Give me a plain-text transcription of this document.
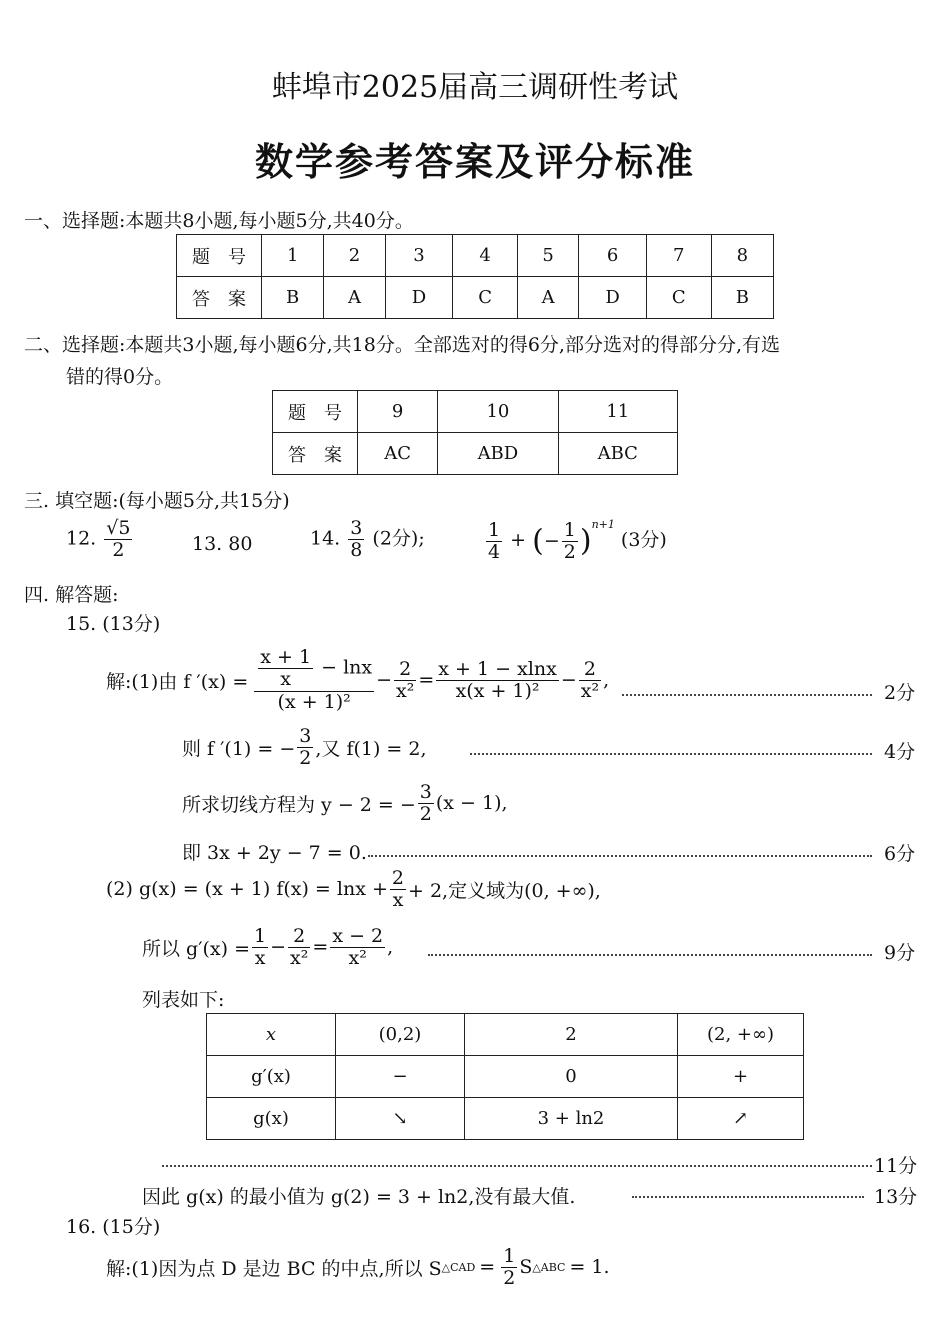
蚌埠市2025届高三调研性考试
数学参考答案及评分标准
一、选择题:本题共8小题,每小题5分,共40分。
题　号	1	2	3	4	5	6	7	8
答　案	B	A	D	C	A	D	C	B
二、选择题:本题共3小题,每小题6分,共18分。全部选对的得6分,部分选对的得部分分,有选
错的得0分。
题　号	9	10	11
答　案	AC	ABD	ABC
三. 填空题:(每小题5分,共15分)
12. $\frac{√5}{2}$	13. 80	14. $\frac{3}{8} (2$分);	$\frac{1}{4}$ + (− $\frac{1}{2} )^{n+1}$ (3分)
四. 解答题:
15. (13分)
解:(1)由 f $'(x) = \frac{\frac{x + 1}{x} - \ln x}{\text{(x + 1)²}} - \frac{2}{\text{x²}} = \frac{x + 1 - xlnx}{\text{x(x + 1)²}} - \frac{2}{\text{x²}}$ ,
2分
则 f ′(1) = − $\frac{3}{2}$ ,又 f(1) = 2,	4分
所求切线方程为 y − 2 = − $\frac{3}{2} (x - 1)$,
即 3x + 2y − 7 = 0.	6分
(2) g(x) = (x + 1) $f(x) = \ln x + \frac{2}{x} + 2$,定义域为(0, +∞),
所以 $g'(x) = \frac{1}{x} - \frac{2}{\text{x²}} = \frac{x - 2}{\text{x²}}$ ,	9分
列表如下:
x	(0,2)	2	(2, +∞)
g′(x)	−	0	+
g(x)	↘	3 + ln2	↗
11分
因此 g(x) 的最小值为 g(2) = 3 + ln2,没有最大值.	13分
16. (15分)
解:(1)因为点 D 是边 BC 的中点,所以 S △CAD = $\frac{1}{2}$ S △ABC = 1.
